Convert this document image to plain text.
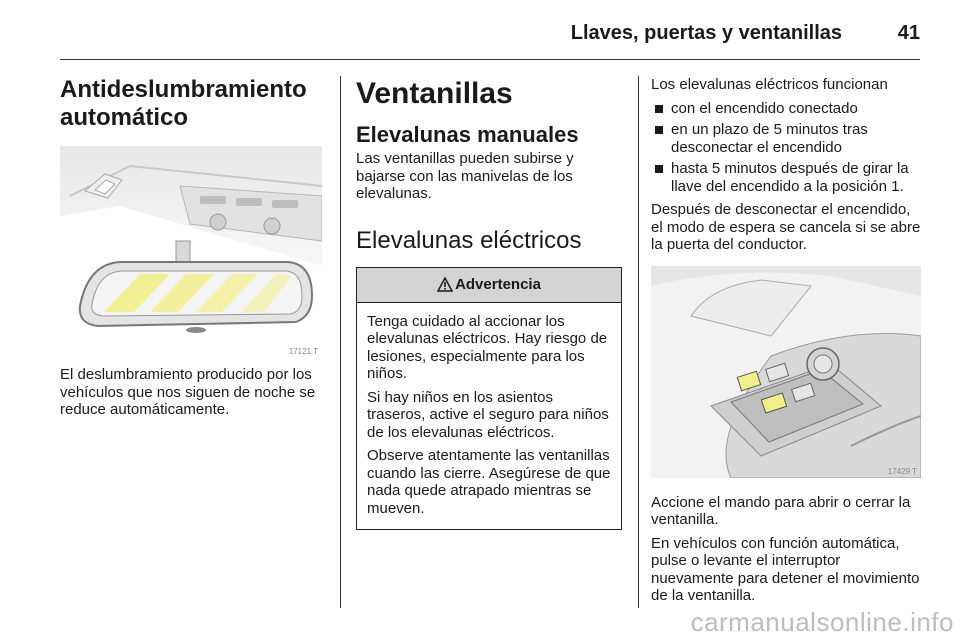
Llaves, puertas y ventanillas	41
Antideslumbramiento automático
17121 T

El deslumbramiento producido por los vehículos que nos siguen de noche se reduce automáticamente.

Ventanillas
Elevalunas manuales

Las ventanillas pueden subirse y bajarse con las manivelas de los elevalunas.

Elevalunas eléctricos
Advertencia

Tenga cuidado al accionar los elevalunas eléctricos. Hay riesgo de lesiones, especialmente para los niños.

Si hay niños en los asientos traseros, active el seguro para niños de los elevalunas eléctricos.

Observe atentamente las ventanillas cuando las cierre. Asegúrese de que nada quede atrapado mientras se mueven.

Los elevalunas eléctricos funcionan

con el encendido conectado
en un plazo de 5 minutos tras desconectar el encendido
hasta 5 minutos después de girar la llave del encendido a la posición 1.

Después de desconectar el encendido, el modo de espera se cancela si se abre la puerta del conductor.

17429 T

Accione el mando para abrir o cerrar la ventanilla.

En vehículos con función automática, pulse o levante el interruptor nuevamente para detener el movimiento de la ventanilla.

carmanualsonline.info
